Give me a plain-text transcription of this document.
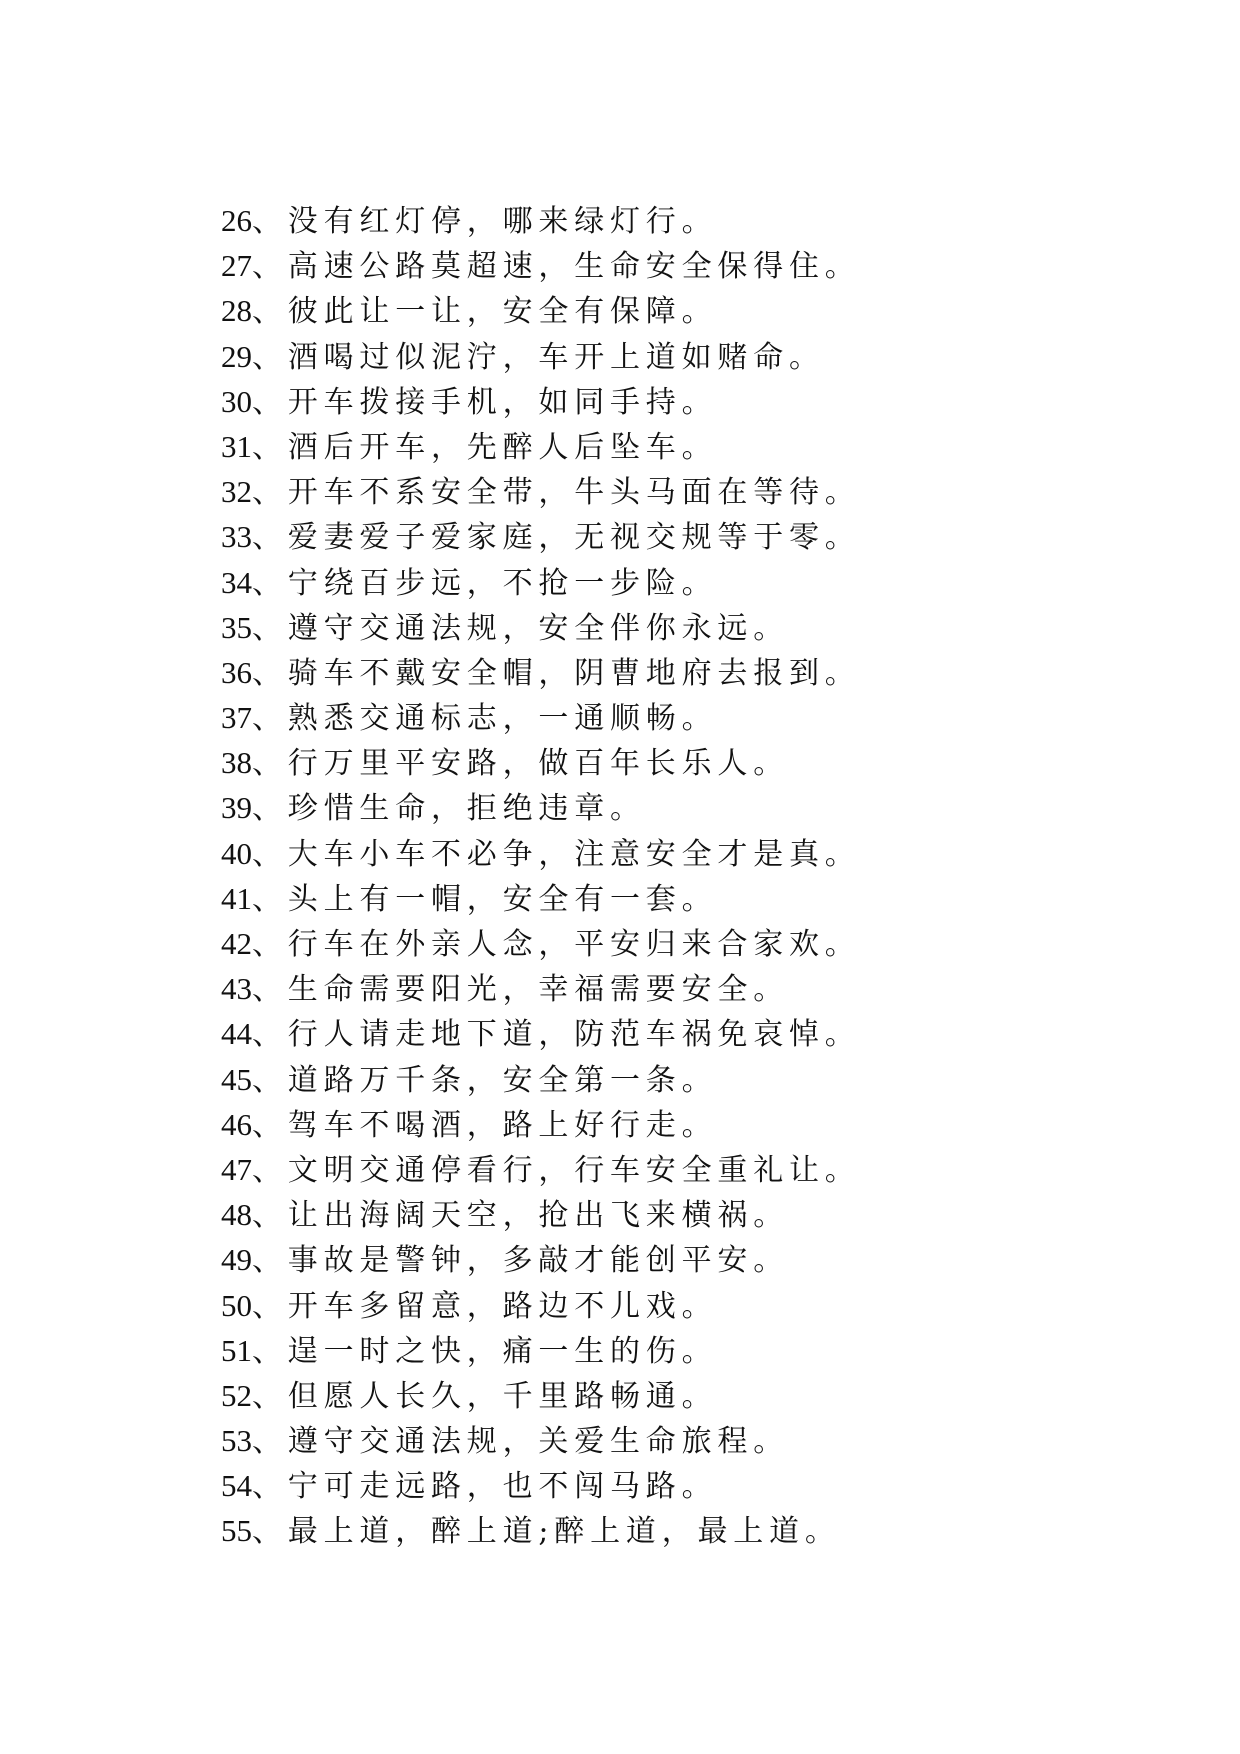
26、没有红灯停，哪来绿灯行。
27、高速公路莫超速，生命安全保得住。
28、彼此让一让，安全有保障。
29、酒喝过似泥泞，车开上道如赌命。
30、开车拨接手机，如同手持。
31、酒后开车，先醉人后坠车。
32、开车不系安全带，牛头马面在等待。
33、爱妻爱子爱家庭，无视交规等于零。
34、宁绕百步远，不抢一步险。
35、遵守交通法规，安全伴你永远。
36、骑车不戴安全帽，阴曹地府去报到。
37、熟悉交通标志，一通顺畅。
38、行万里平安路，做百年长乐人。
39、珍惜生命，拒绝违章。
40、大车小车不必争，注意安全才是真。
41、头上有一帽，安全有一套。
42、行车在外亲人念，平安归来合家欢。
43、生命需要阳光，幸福需要安全。
44、行人请走地下道，防范车祸免哀悼。
45、道路万千条，安全第一条。
46、驾车不喝酒，路上好行走。
47、文明交通停看行，行车安全重礼让。
48、让出海阔天空，抢出飞来横祸。
49、事故是警钟，多敲才能创平安。
50、开车多留意，路边不儿戏。
51、逞一时之快，痛一生的伤。
52、但愿人长久，千里路畅通。
53、遵守交通法规，关爱生命旅程。
54、宁可走远路，也不闯马路。
55、最上道，醉上道;醉上道，最上道。
